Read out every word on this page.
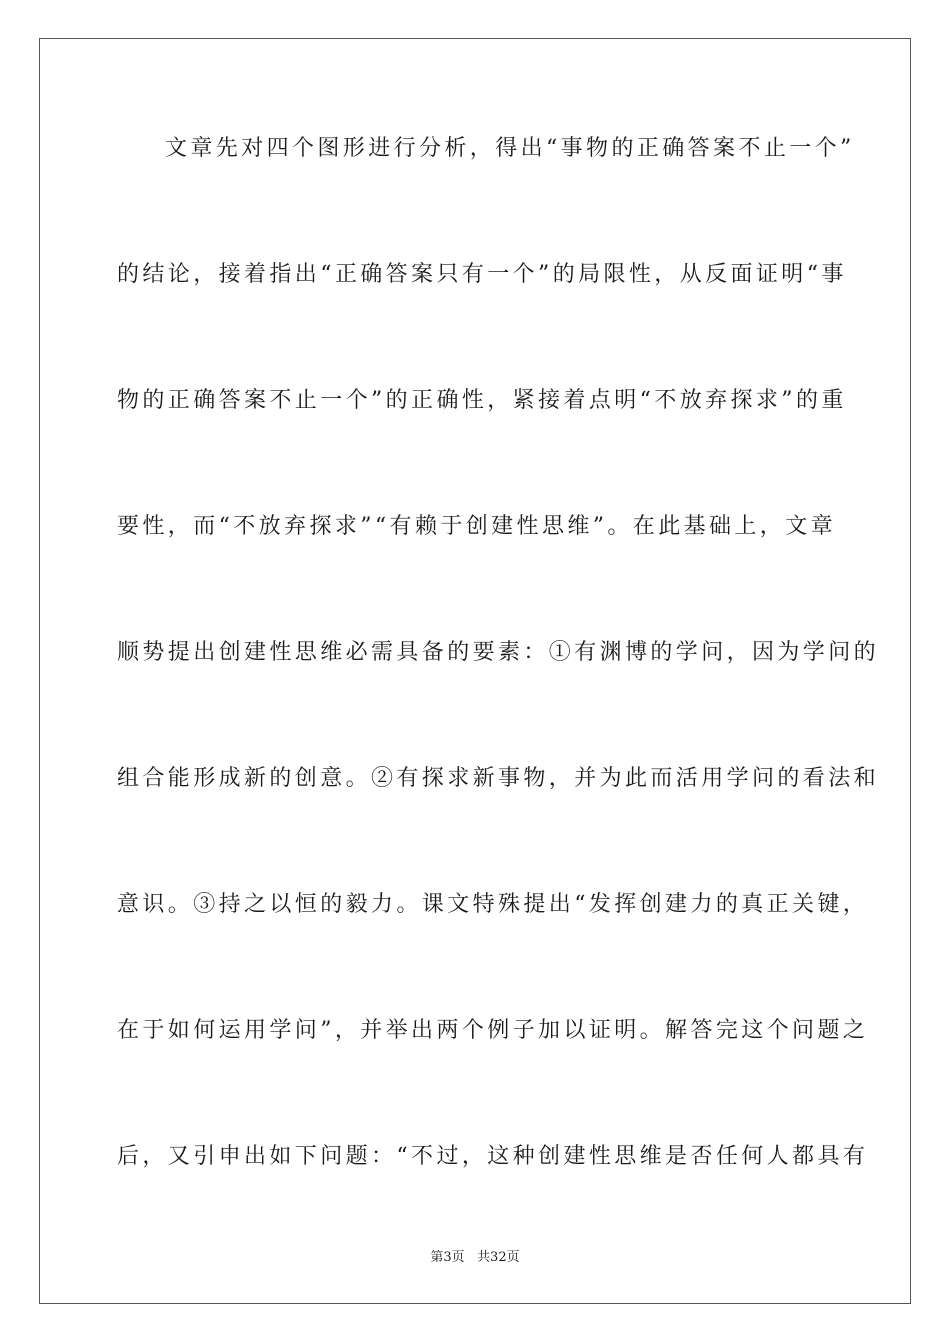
文章先对四个图形进行分析，得出“事物的正确答案不止一个”
的结论，接着指出“正确答案只有一个”的局限性，从反面证明“事
物的正确答案不止一个”的正确性，紧接着点明“不放弃探求”的重
要性，而“不放弃探求”“有赖于创建性思维”。在此基础上，文章
顺势提出创建性思维必需具备的要素：①有渊博的学问，因为学问的
组合能形成新的创意。②有探求新事物，并为此而活用学问的看法和
意识。③持之以恒的毅力。课文特殊提出“发挥创建力的真正关键，
在于如何运用学问”，并举出两个例子加以证明。解答完这个问题之
后，又引申出如下问题：“不过，这种创建性思维是否任何人都具有
第3页   共32页
